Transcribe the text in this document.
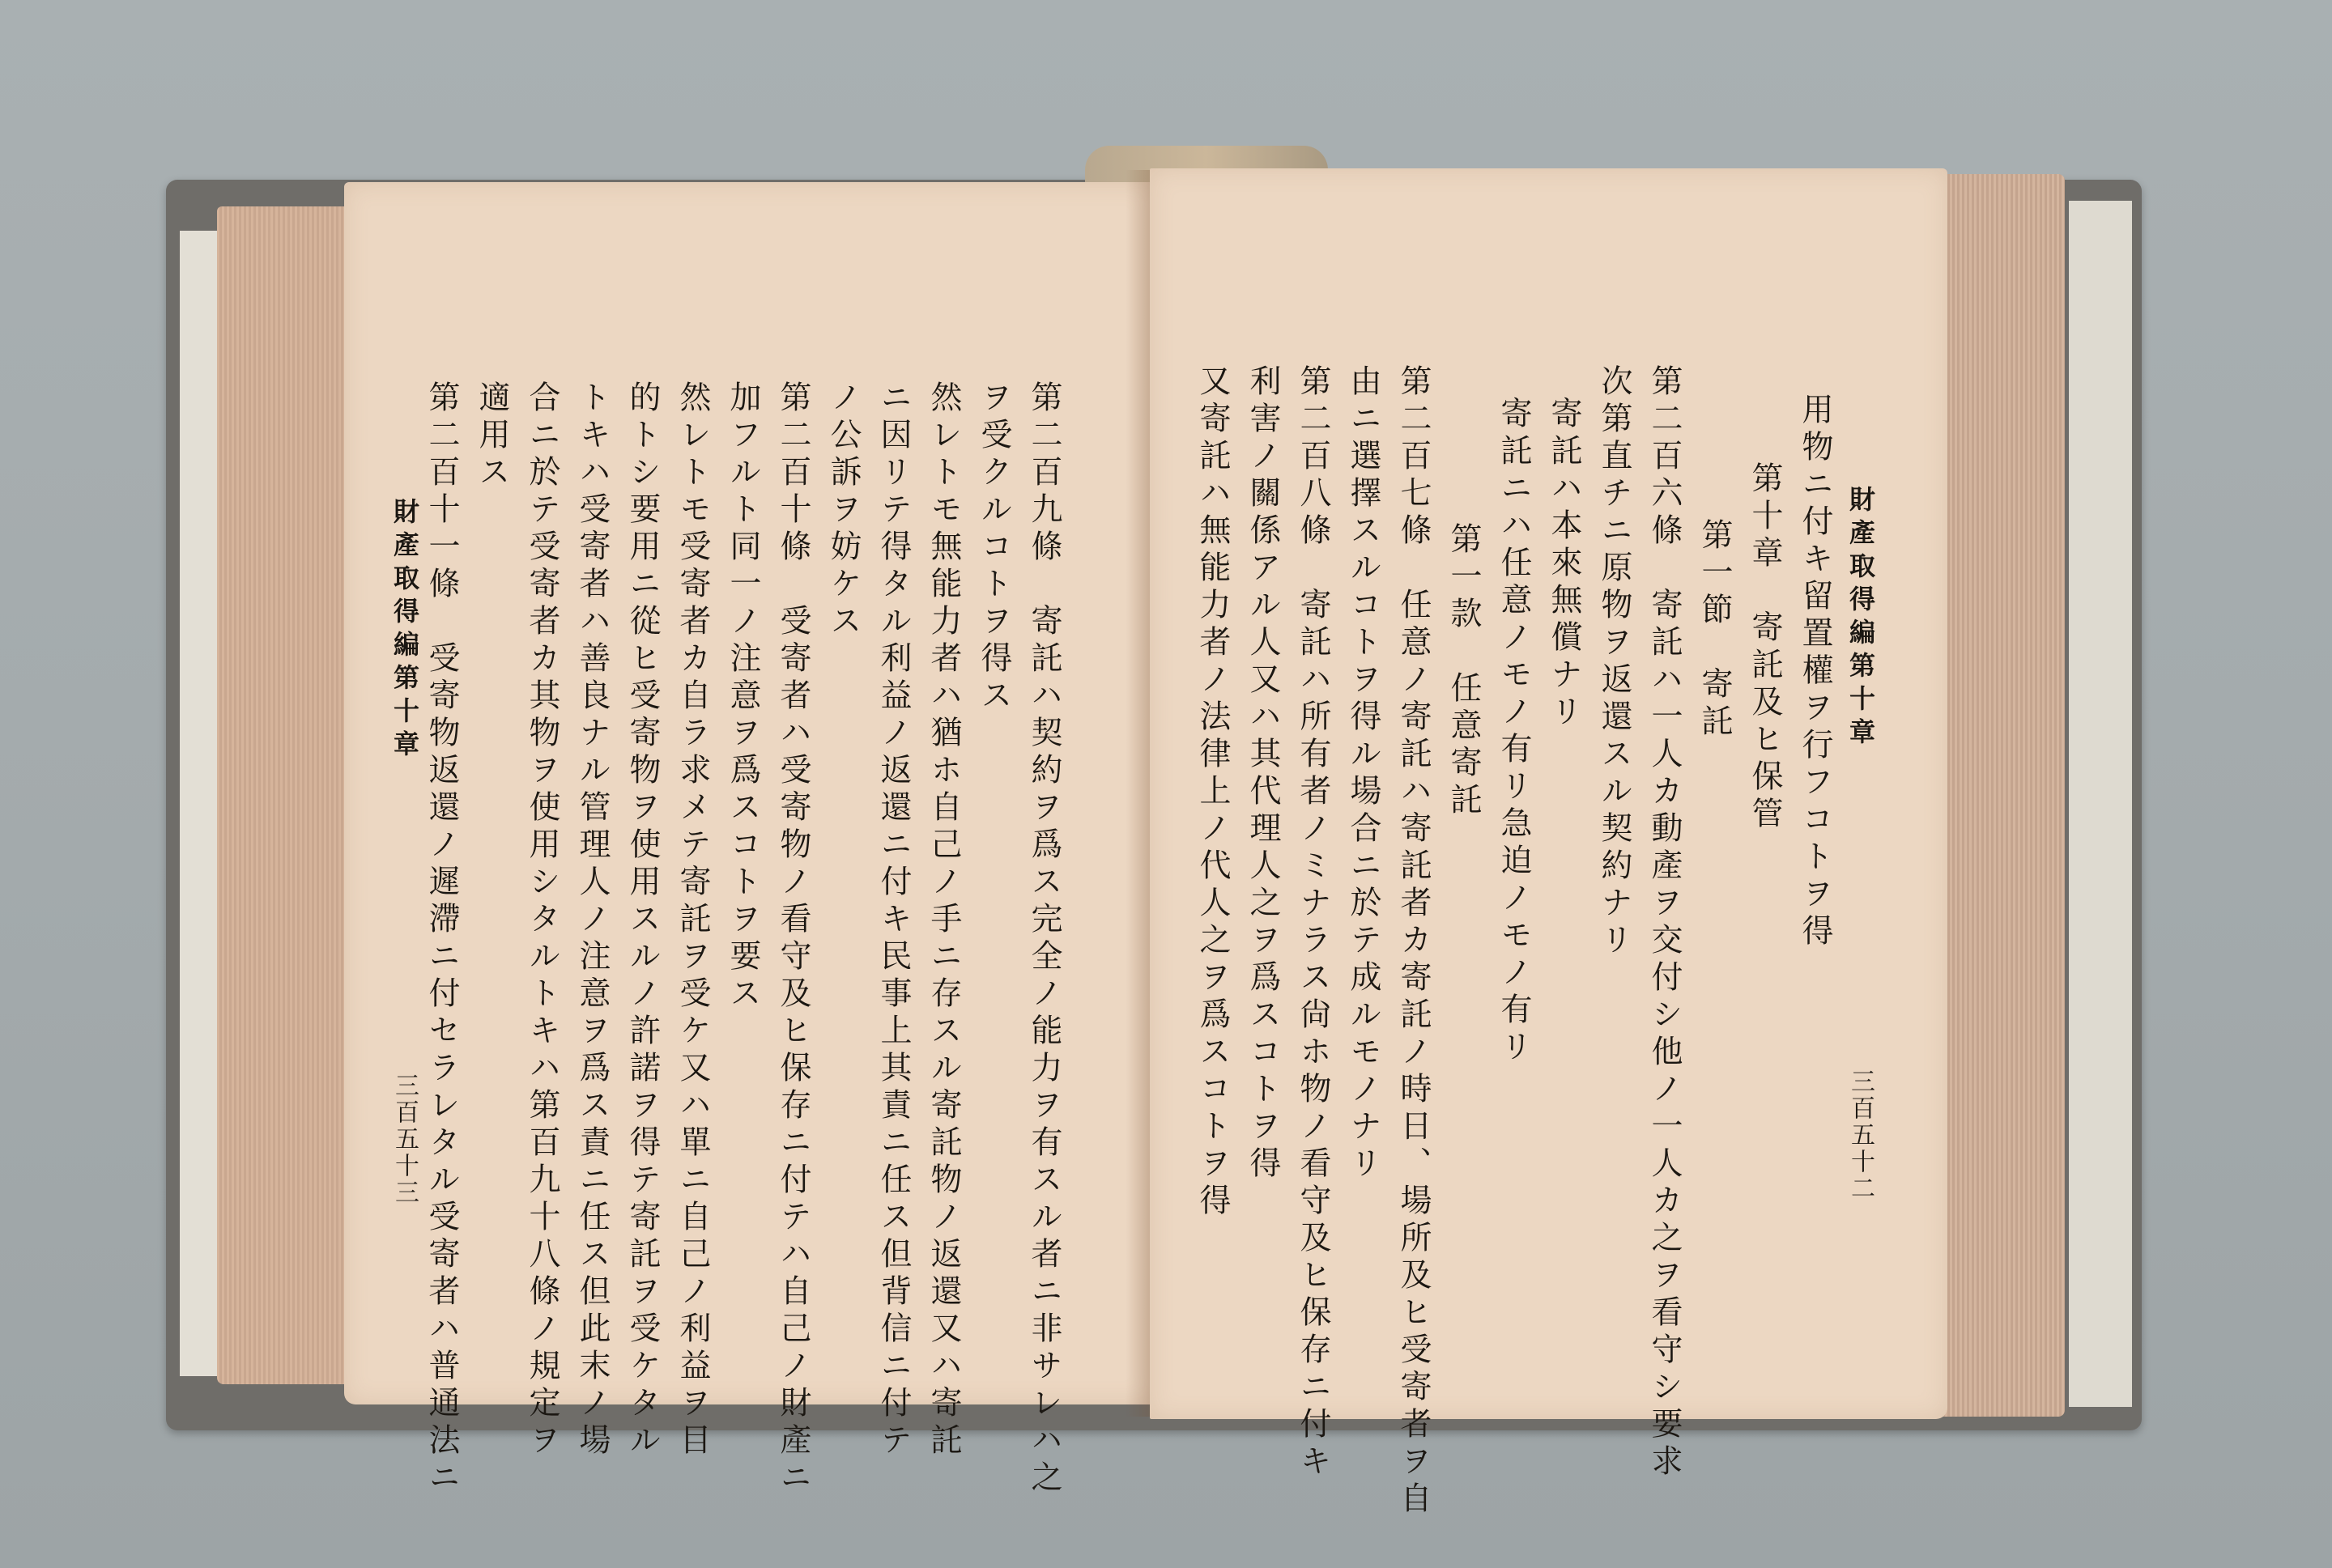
第二百九條　寄託ハ契約ヲ爲ス完全ノ能力ヲ有スル者ニ非サレハ之
ヲ受クルコトヲ得ス
然レトモ無能力者ハ猶ホ自己ノ手ニ存スル寄託物ノ返還又ハ寄託
ニ因リテ得タル利益ノ返還ニ付キ民事上其責ニ任ス但背信ニ付テ
ノ公訴ヲ妨ケス
第二百十條　受寄者ハ受寄物ノ看守及ヒ保存ニ付テハ自己ノ財產ニ
加フルト同一ノ注意ヲ爲スコトヲ要ス
然レトモ受寄者カ自ラ求メテ寄託ヲ受ケ又ハ單ニ自己ノ利益ヲ目
的トシ要用ニ從ヒ受寄物ヲ使用スルノ許諾ヲ得テ寄託ヲ受ケタル
トキハ受寄者ハ善良ナル管理人ノ注意ヲ爲ス責ニ任ス但此末ノ場
合ニ於テ受寄者カ其物ヲ使用シタルトキハ第百九十八條ノ規定ヲ
適用ス
第二百十一條　受寄物返還ノ遲滯ニ付セラレタル受寄者ハ普通法ニ
財產取得編第十章
三百五十三
財產取得編第十章
三百五十二
用物ニ付キ留置權ヲ行フコトヲ得
第十章　寄託及ヒ保管
第一節　寄託
第二百六條　寄託ハ一人カ動產ヲ交付シ他ノ一人カ之ヲ看守シ要求
次第直チニ原物ヲ返還スル契約ナリ
寄託ハ本來無償ナリ
寄託ニハ任意ノモノ有リ急迫ノモノ有リ
第一款　任意寄託
第二百七條　任意ノ寄託ハ寄託者カ寄託ノ時日、場所及ヒ受寄者ヲ自
由ニ選擇スルコトヲ得ル場合ニ於テ成ルモノナリ
第二百八條　寄託ハ所有者ノミナラス尙ホ物ノ看守及ヒ保存ニ付キ
利害ノ關係アル人又ハ其代理人之ヲ爲スコトヲ得
又寄託ハ無能力者ノ法律上ノ代人之ヲ爲スコトヲ得
